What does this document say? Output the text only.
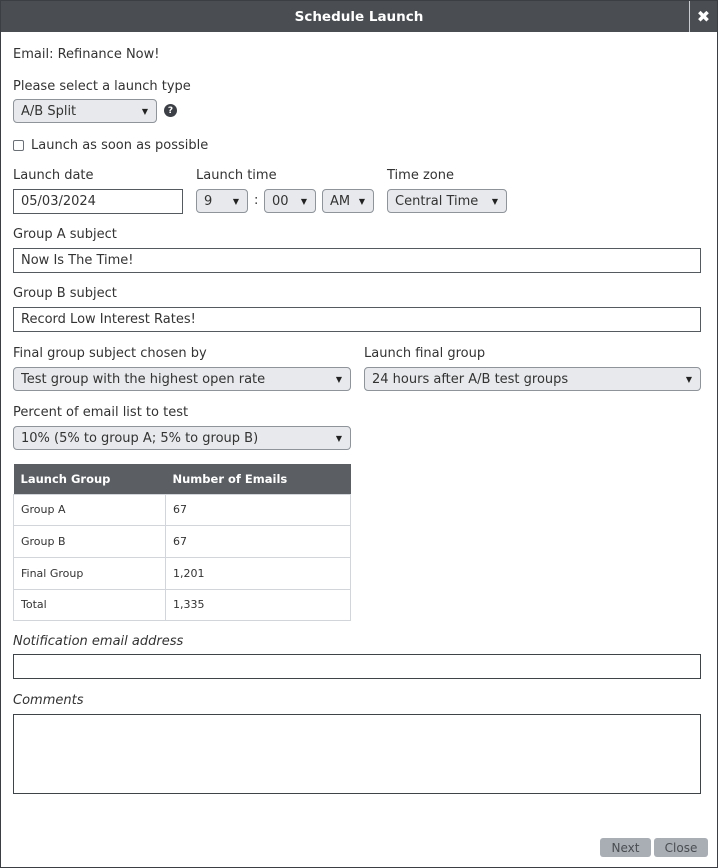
Schedule Launch	✖
Email: Refinance Now!
Please select a launch type
A/B Split	▼	?
Launch as soon as possible
Launch date
05/03/2024
Launch time
9	▼ : 00	▼ AM	▼
Time zone
Central Time	▼
Group A subject
Now Is The Time!
Group B subject
Record Low Interest Rates!
Final group subject chosen by
Test group with the highest open rate	▼
Launch final group
24 hours after A/B test groups	▼
Percent of email list to test
10% (5% to group A; 5% to group B)	▼
Launch Group	Number of Emails
Group A	67
Group B	67
Final Group	1,201
Total	1,335
Notification email address
Comments
Next	Close
